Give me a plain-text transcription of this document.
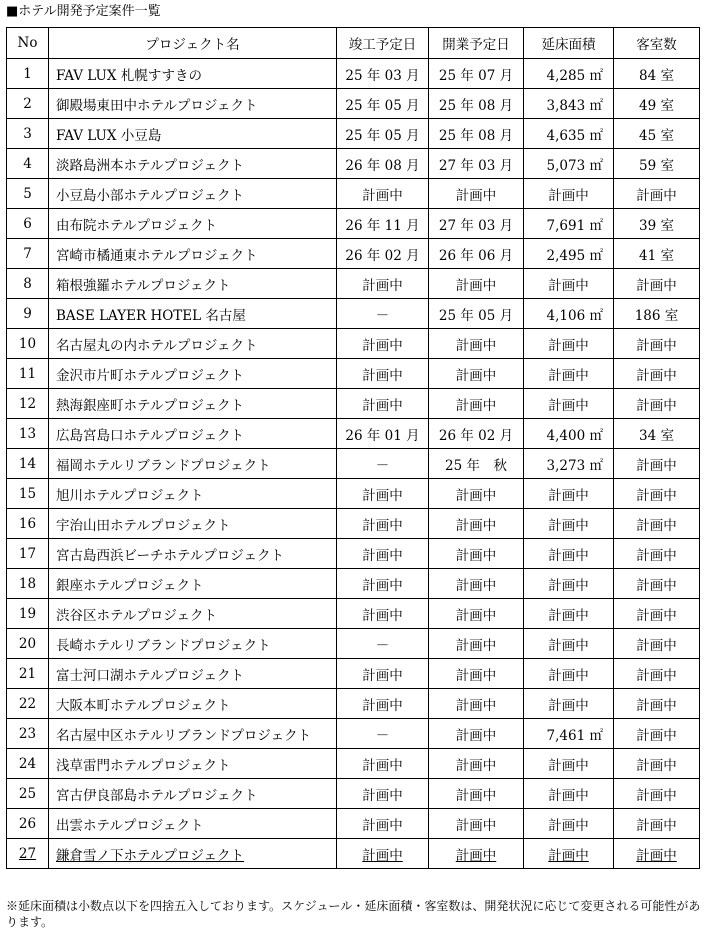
■ホテル開発予定案件一覧
No	プロジェクト名	竣工予定日	開業予定日	延床面積	客室数
1	FAV LUX 札幌すすきの	25 年 03 月	25 年 07 月	4,285 ㎡	84 室
2	御殿場東田中ホテルプロジェクト	25 年 05 月	25 年 08 月	3,843 ㎡	49 室
3	FAV LUX 小豆島	25 年 05 月	25 年 08 月	4,635 ㎡	45 室
4	淡路島洲本ホテルプロジェクト	26 年 08 月	27 年 03 月	5,073 ㎡	59 室
5	小豆島小部ホテルプロジェクト	計画中	計画中	計画中	計画中
6	由布院ホテルプロジェクト	26 年 11 月	27 年 03 月	7,691 ㎡	39 室
7	宮崎市橘通東ホテルプロジェクト	26 年 02 月	26 年 06 月	2,495 ㎡	41 室
8	箱根強羅ホテルプロジェクト	計画中	計画中	計画中	計画中
9	BASE LAYER HOTEL 名古屋	－	25 年 05 月	4,106 ㎡	186 室
10	名古屋丸の内ホテルプロジェクト	計画中	計画中	計画中	計画中
11	金沢市片町ホテルプロジェクト	計画中	計画中	計画中	計画中
12	熱海銀座町ホテルプロジェクト	計画中	計画中	計画中	計画中
13	広島宮島口ホテルプロジェクト	26 年 01 月	26 年 02 月	4,400 ㎡	34 室
14	福岡ホテルリブランドプロジェクト	－	25 年　秋	3,273 ㎡	計画中
15	旭川ホテルプロジェクト	計画中	計画中	計画中	計画中
16	宇治山田ホテルプロジェクト	計画中	計画中	計画中	計画中
17	宮古島西浜ビーチホテルプロジェクト	計画中	計画中	計画中	計画中
18	銀座ホテルプロジェクト	計画中	計画中	計画中	計画中
19	渋谷区ホテルプロジェクト	計画中	計画中	計画中	計画中
20	長崎ホテルリブランドプロジェクト	－	計画中	計画中	計画中
21	富士河口湖ホテルプロジェクト	計画中	計画中	計画中	計画中
22	大阪本町ホテルプロジェクト	計画中	計画中	計画中	計画中
23	名古屋中区ホテルリブランドプロジェクト	－	計画中	7,461 ㎡	計画中
24	浅草雷門ホテルプロジェクト	計画中	計画中	計画中	計画中
25	宮古伊良部島ホテルプロジェクト	計画中	計画中	計画中	計画中
26	出雲ホテルプロジェクト	計画中	計画中	計画中	計画中
27	鎌倉雪ノ下ホテルプロジェクト	計画中	計画中	計画中	計画中
※延床面積は小数点以下を四捨五入しております。スケジュール・延床面積・客室数は、開発状況に応じて変更される可能性があります。
